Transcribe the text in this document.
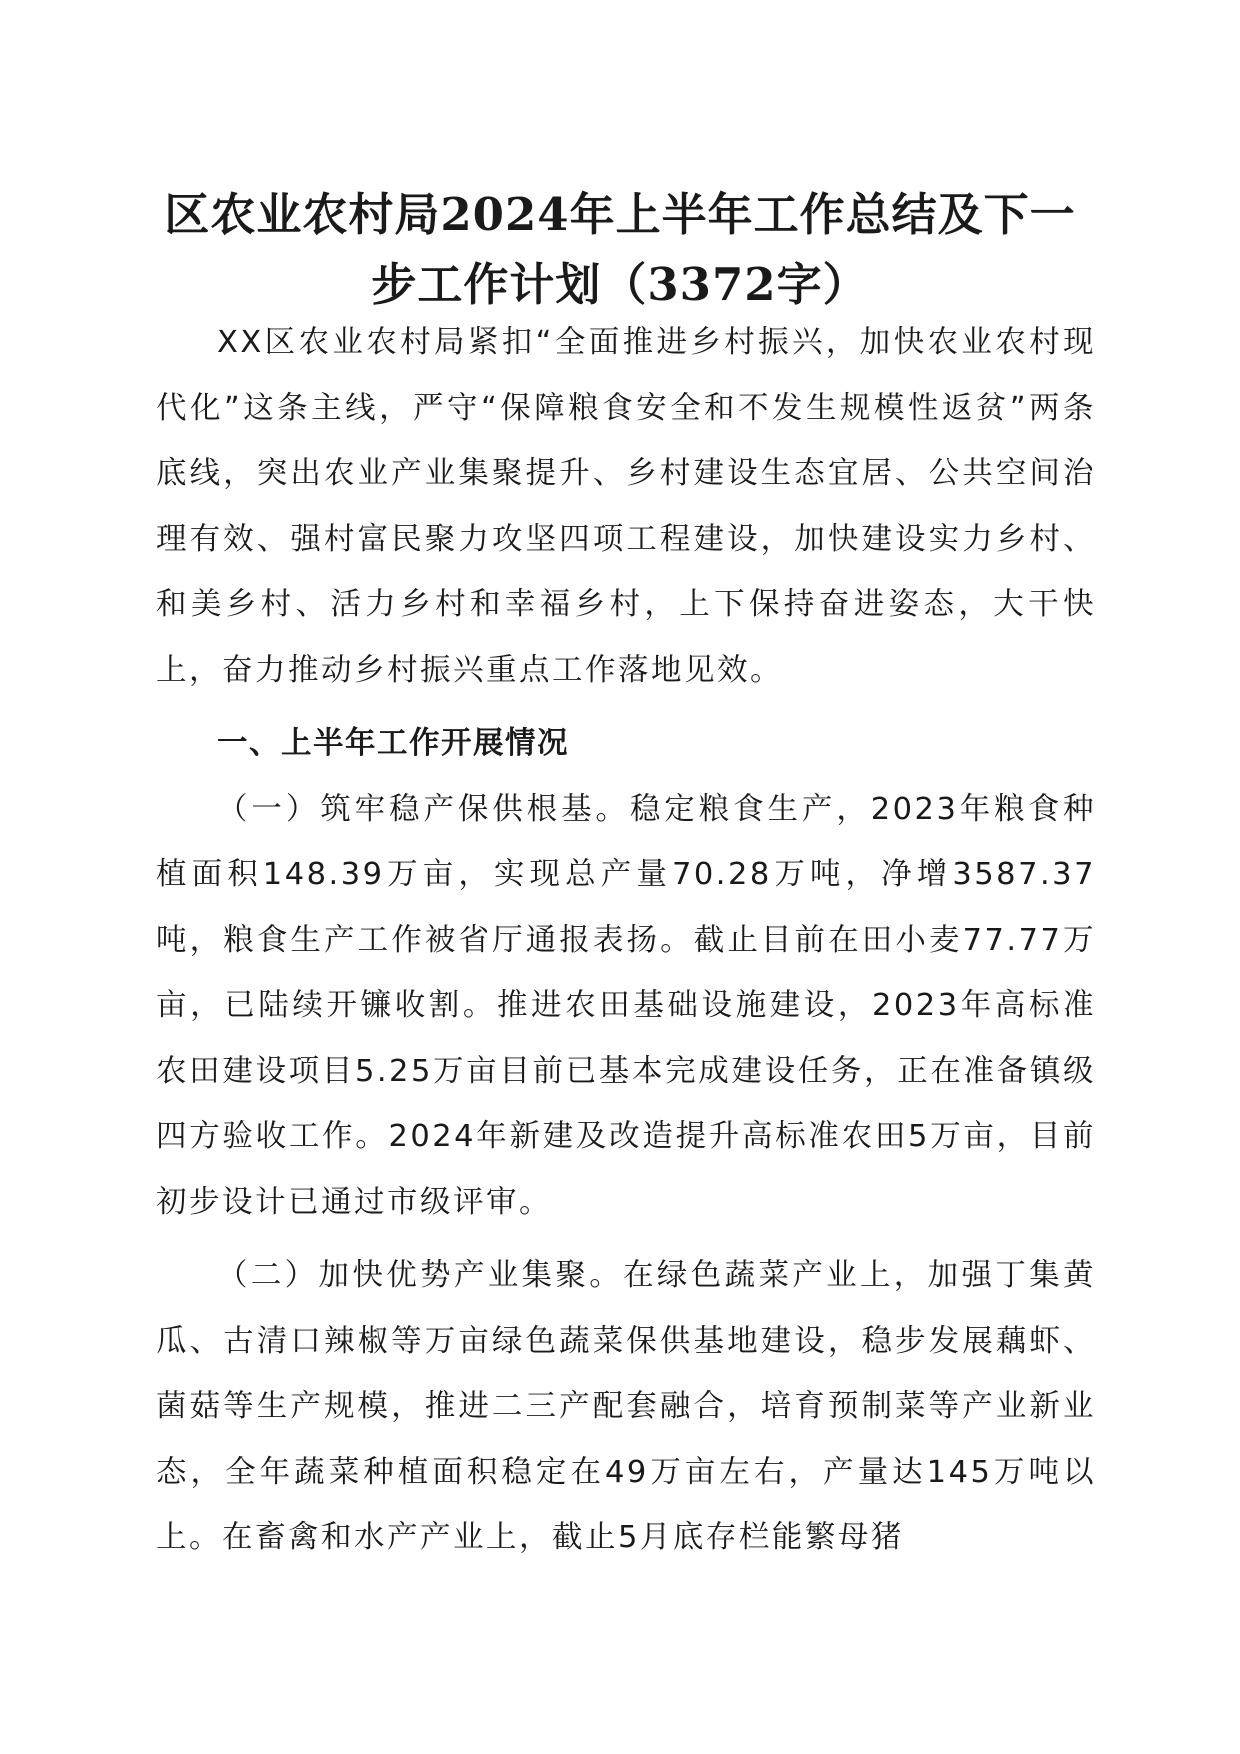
区农业农村局2024年上半年工作总结及下一步工作计划（3372字）

XX区农业农村局紧扣“全面推进乡村振兴，加快农业农村现代化”这条主线，严守“保障粮食安全和不发生规模性返贫”两条底线，突出农业产业集聚提升、乡村建设生态宜居、公共空间治理有效、强村富民聚力攻坚四项工程建设，加快建设实力乡村、和美乡村、活力乡村和幸福乡村，上下保持奋进姿态，大干快上，奋力推动乡村振兴重点工作落地见效。

一、上半年工作开展情况

（一）筑牢稳产保供根基。稳定粮食生产，2023年粮食种植面积148.39万亩，实现总产量70.28万吨，净增3587.37吨，粮食生产工作被省厅通报表扬。截止目前在田小麦77.77万亩，已陆续开镰收割。推进农田基础设施建设，2023年高标准农田建设项目5.25万亩目前已基本完成建设任务，正在准备镇级四方验收工作。2024年新建及改造提升高标准农田5万亩，目前初步设计已通过市级评审。

（二）加快优势产业集聚。在绿色蔬菜产业上，加强丁集黄瓜、古清口辣椒等万亩绿色蔬菜保供基地建设，稳步发展藕虾、菌菇等生产规模，推进二三产配套融合，培育预制菜等产业新业态，全年蔬菜种植面积稳定在49万亩左右，产量达145万吨以上。在畜禽和水产产业上，截止5月底存栏能繁母猪
